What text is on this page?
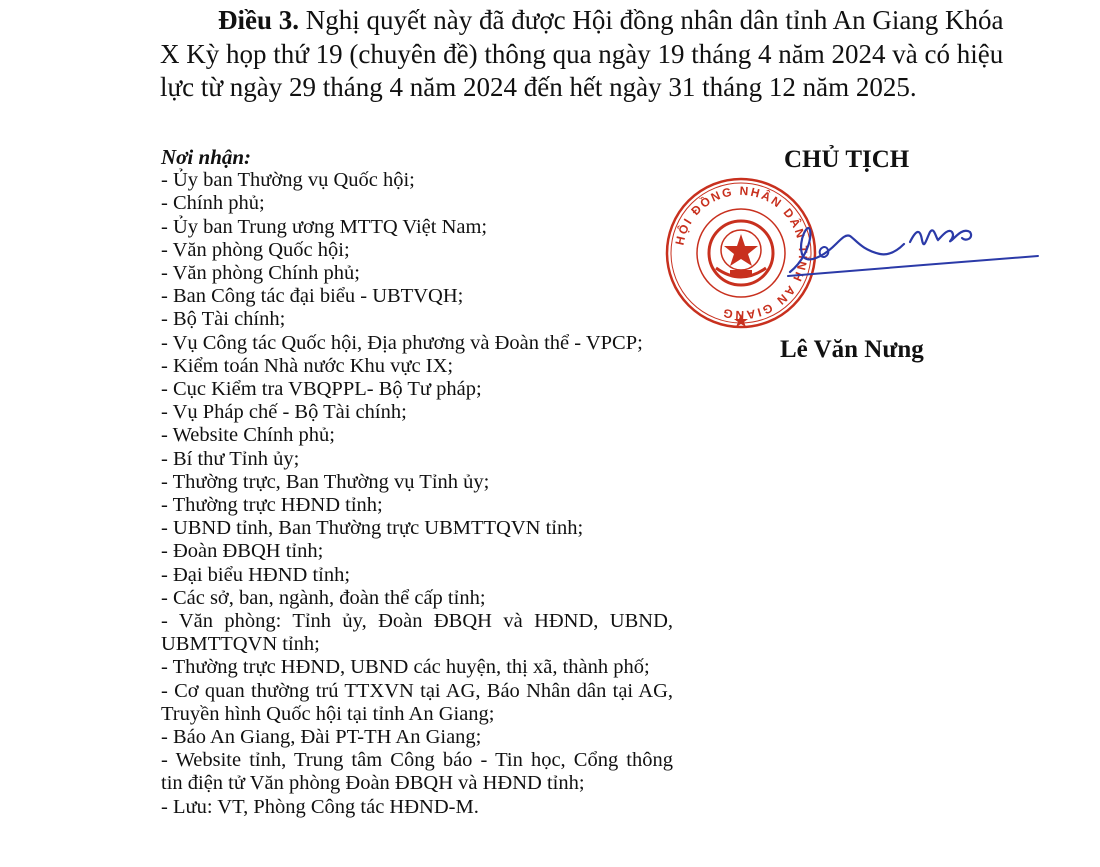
Điều 3. Nghị quyết này đã được Hội đồng nhân dân tỉnh An Giang Khóa
X Kỳ họp thứ 19 (chuyên đề) thông qua ngày 19 tháng 4 năm 2024 và có hiệu
lực từ ngày 29 tháng 4 năm 2024 đến hết ngày 31 tháng 12 năm 2025.
Nơi nhận:
- Ủy ban Thường vụ Quốc hội;
- Chính phủ;
- Ủy ban Trung ương MTTQ Việt Nam;
- Văn phòng Quốc hội;
- Văn phòng Chính phủ;
- Ban Công tác đại biểu - UBTVQH;
- Bộ Tài chính;
- Vụ Công tác Quốc hội, Địa phương và Đoàn thể - VPCP;
- Kiểm toán Nhà nước Khu vực IX;
- Cục Kiểm tra VBQPPL- Bộ Tư pháp;
- Vụ Pháp chế - Bộ Tài chính;
- Website Chính phủ;
- Bí thư Tỉnh ủy;
- Thường trực, Ban Thường vụ Tỉnh ủy;
- Thường trực HĐND tỉnh;
- UBND tỉnh, Ban Thường trực UBMTTQVN tỉnh;
- Đoàn ĐBQH tỉnh;
- Đại biểu HĐND tỉnh;
- Các sở, ban, ngành, đoàn thể cấp tỉnh;
- Văn phòng: Tỉnh ủy, Đoàn ĐBQH và HĐND, UBND,
UBMTTQVN tỉnh;
- Thường trực HĐND, UBND các huyện, thị xã, thành phố;
- Cơ quan thường trú TTXVN tại AG, Báo Nhân dân tại AG,
Truyền hình Quốc hội tại tỉnh An Giang;
- Báo An Giang, Đài PT-TH An Giang;
- Website tỉnh, Trung tâm Công báo - Tin học, Cổng thông
tin điện tử Văn phòng Đoàn ĐBQH và HĐND tỉnh;
- Lưu: VT, Phòng Công tác HĐND-M.
CHỦ TỊCH
HỘI ĐỒNG NHÂN DÂN TỈNH AN GIANG
Lê Văn Nưng
